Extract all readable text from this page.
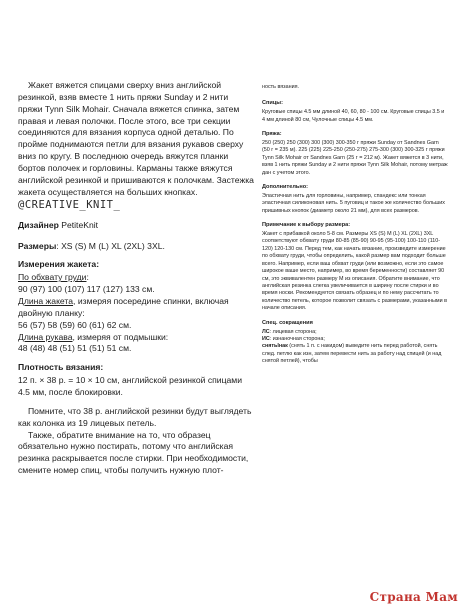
Жакет вяжется спицами сверху вниз английской резинкой, взяв вместе 1 нить пряжи Sunday и 2 нити пряжи Tynn Silk Mohair. Сначала вяжется спинка, затем правая и левая полочки. После этого, все три секции соединяются для вязания корпуса одной деталью. По пройме поднимаются петли для вязания рукавов сверху вниз по кругу. В последнюю очередь вяжутся планки бортов полочек и горловины. Карманы также вяжутся английской резинкой и пришиваются к полочкам. Застежка жакета осуществляется на больших кнопках.

@CREATIVE_KNIT_

Дизайнер PetiteKnit

Размеры: XS (S) M (L) XL (2XL) 3XL.

Измерения жакета:
По обхвату груди:
90 (97) 100 (107) 117 (127) 133 см.
Длина жакета, измеряя посередине спинки, включая двойную планку:
56 (57) 58 (59) 60 (61) 62 см.
Длина рукава, измеряя от подмышки:
48 (48) 48 (51) 51 (51) 51 см.
Плотность вязания:
12 п. × 38 р. = 10 × 10 см, английской резинкой спицами 4.5 мм, после блокировки.

Помните, что 38 р. английской резинки будут выглядеть как колонка из 19 лицевых петель.

Также, обратите внимание на то, что образец обязательно нужно постирать, потому что английская резинка раскрывается после стирки. При необходимости, смените номер спиц, чтобы получить нужную плот-

ность вязания.

Спицы:

Круговые спицы 4.5 мм длиной 40, 60, 80 - 100 см. Круговые спицы 3.5 и 4 мм длиной 80 см, Чулочные спицы 4.5 мм.

Пряжа:

250 (250) 250 (300) 300 (300) 300-350 г пряжи Sunday от Sandnes Garn (50 г = 235 м). 225 (225) 225-250 (250-275) 275-300 (300) 300-325 г пряжи Tynn Silk Mohair от Sandnes Garn (25 г = 212 м). Жакет вяжется в 3 нити, взяв 1 нить пряжи Sunday и 2 нити пряжи Tynn Silk Mohair, потому метраж дан с учетом этого.

Дополнительно:

Эластичная нить для горловины, например, спандекс или тонкая эластичная силиконовая нить. 5 пуговиц и такое же количество больших пришивных кнопок (диаметр около 21 мм), для всех размеров.

Примечание к выбору размера:

Жакет с прибавкой около 5-8 см. Размеры XS (S) M (L) XL (2XL) 3XL соответствуют обхвату груди 80-85 (85-90) 90-95 (95-100) 100-110 (110-120) 120-130 см. Перед тем, как начать вязание, произведите измерение по обхвату груди, чтобы определить, какой размер вам подходит больше всего. Например, если ваш обхват груди (или возможно, если это самое широкое ваше место, например, во время беременности) составляет 90 см, это эквивалентен размеру M из описания. Обратите внимание, что английская резинка слегка увеличивается в ширину после стирки и во время носки. Рекомендуется связать образец и по нему рассчитать то количество петель, которое позволит связать с размерами, указанными в начале описания.

Спец. сокращения

ЛС: лицевая сторона;

ИС: изнаночная сторона;

снятьIнак (снять 1 п. с накидом) выведите нить перед работой, снять след. петлю как изн, затем перевести нить за работу над спицей (и над снятой петлей), чтобы

Страна Мам
